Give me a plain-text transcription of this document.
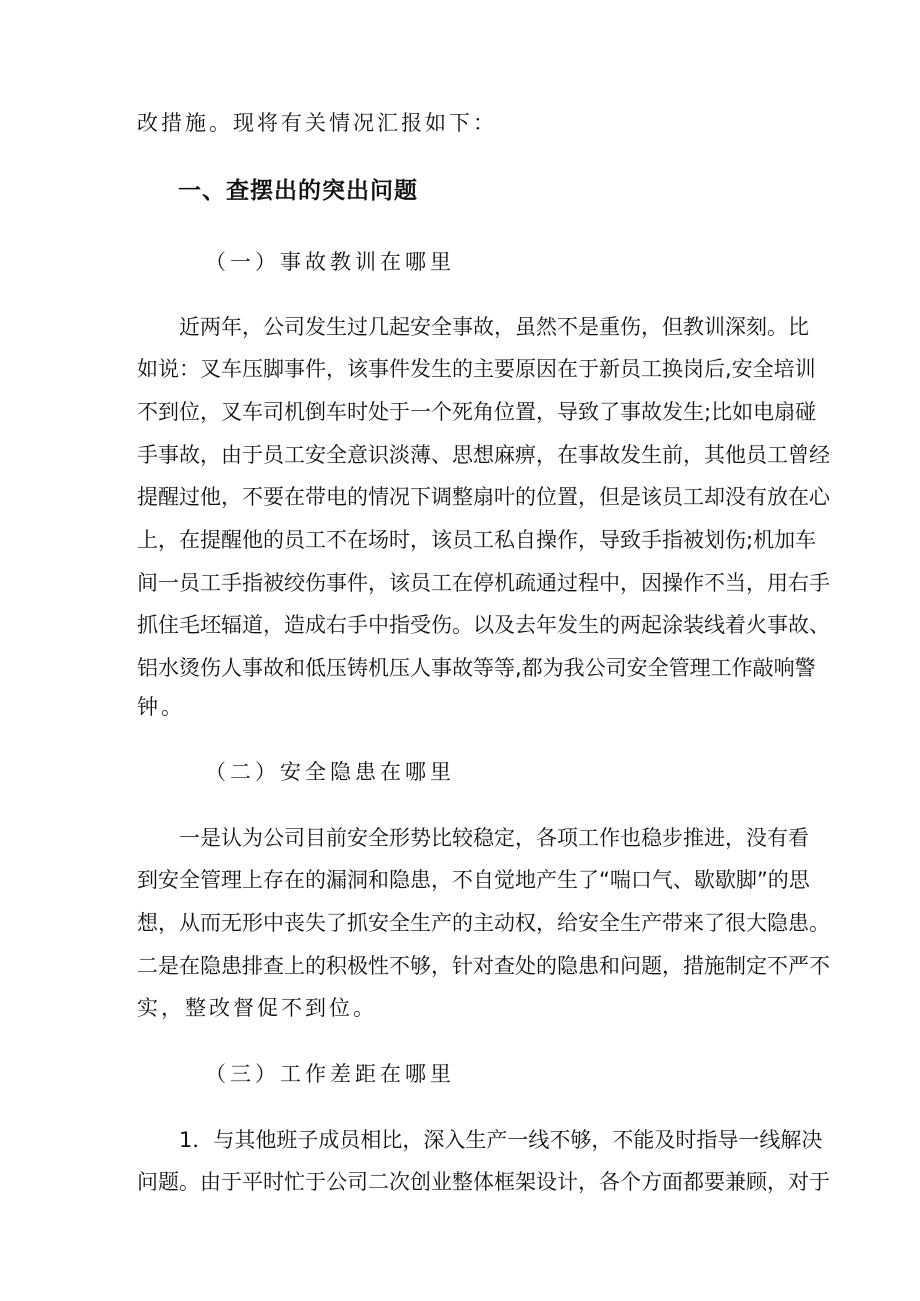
改措施。现将有关情况汇报如下：
一、查摆出的突出问题
（一）事故教训在哪里
　　近两年，公司发生过几起安全事故，虽然不是重伤，但教训深刻。比
如说：叉车压脚事件，该事件发生的主要原因在于新员工换岗后,安全培训
不到位，叉车司机倒车时处于一个死角位置，导致了事故发生;比如电扇碰
手事故，由于员工安全意识淡薄、思想麻痹，在事故发生前，其他员工曾经
提醒过他，不要在带电的情况下调整扇叶的位置，但是该员工却没有放在心
上，在提醒他的员工不在场时，该员工私自操作，导致手指被划伤;机加车
间一员工手指被绞伤事件，该员工在停机疏通过程中，因操作不当，用右手
抓住毛坯辐道，造成右手中指受伤。以及去年发生的两起涂装线着火事故、
铝水烫伤人事故和低压铸机压人事故等等,都为我公司安全管理工作敲响警
钟。
（二）安全隐患在哪里
　　一是认为公司目前安全形势比较稳定，各项工作也稳步推进，没有看
到安全管理上存在的漏洞和隐患，不自觉地产生了“喘口气、歇歇脚”的思
想，从而无形中丧失了抓安全生产的主动权，给安全生产带来了很大隐患。
二是在隐患排查上的积极性不够，针对查处的隐患和问题，措施制定不严不
实，整改督促不到位。
（三）工作差距在哪里
　　1．与其他班子成员相比，深入生产一线不够，不能及时指导一线解决
问题。由于平时忙于公司二次创业整体框架设计，各个方面都要兼顾，对于
